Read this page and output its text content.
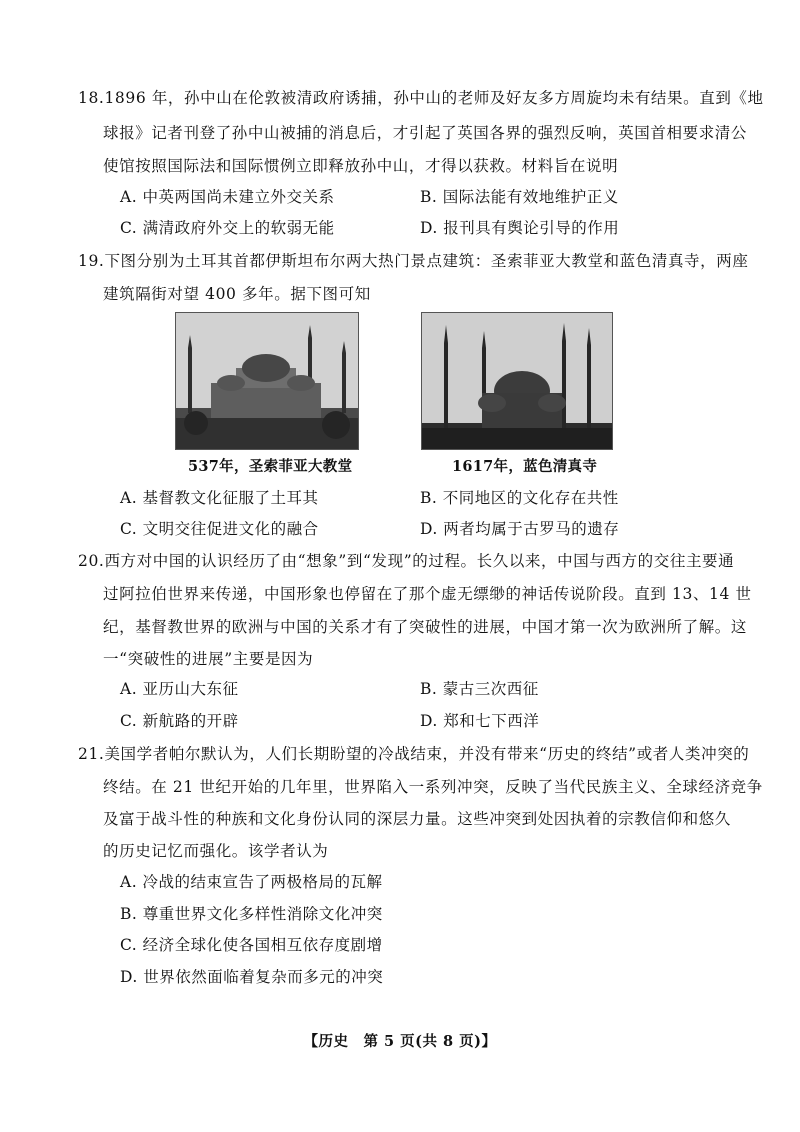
18.1896 年，孙中山在伦敦被清政府诱捕，孙中山的老师及好友多方周旋均未有结果。直到《地
球报》记者刊登了孙中山被捕的消息后，才引起了英国各界的强烈反响，英国首相要求清公
使馆按照国际法和国际惯例立即释放孙中山，才得以获救。材料旨在说明
A. 中英两国尚未建立外交关系	B. 国际法能有效地维护正义
C. 满清政府外交上的软弱无能	D. 报刊具有舆论引导的作用
19.下图分别为土耳其首都伊斯坦布尔两大热门景点建筑：圣索菲亚大教堂和蓝色清真寺，两座
建筑隔街对望 400 多年。据下图可知
537年，圣索菲亚大教堂	1617年，蓝色清真寺
A. 基督教文化征服了土耳其	B. 不同地区的文化存在共性
C. 文明交往促进文化的融合	D. 两者均属于古罗马的遗存
20.西方对中国的认识经历了由“想象”到“发现”的过程。长久以来，中国与西方的交往主要通
过阿拉伯世界来传递，中国形象也停留在了那个虚无缥缈的神话传说阶段。直到 13、14 世
纪，基督教世界的欧洲与中国的关系才有了突破性的进展，中国才第一次为欧洲所了解。这
一“突破性的进展”主要是因为
A. 亚历山大东征	B. 蒙古三次西征
C. 新航路的开辟	D. 郑和七下西洋
21.美国学者帕尔默认为，人们长期盼望的冷战结束，并没有带来“历史的终结”或者人类冲突的
终结。在 21 世纪开始的几年里，世界陷入一系列冲突，反映了当代民族主义、全球经济竞争
及富于战斗性的种族和文化身份认同的深层力量。这些冲突到处因执着的宗教信仰和悠久
的历史记忆而强化。该学者认为
A. 冷战的结束宣告了两极格局的瓦解
B. 尊重世界文化多样性消除文化冲突
C. 经济全球化使各国相互依存度剧增
D. 世界依然面临着复杂而多元的冲突
【历史　第 5 页(共 8 页)】
